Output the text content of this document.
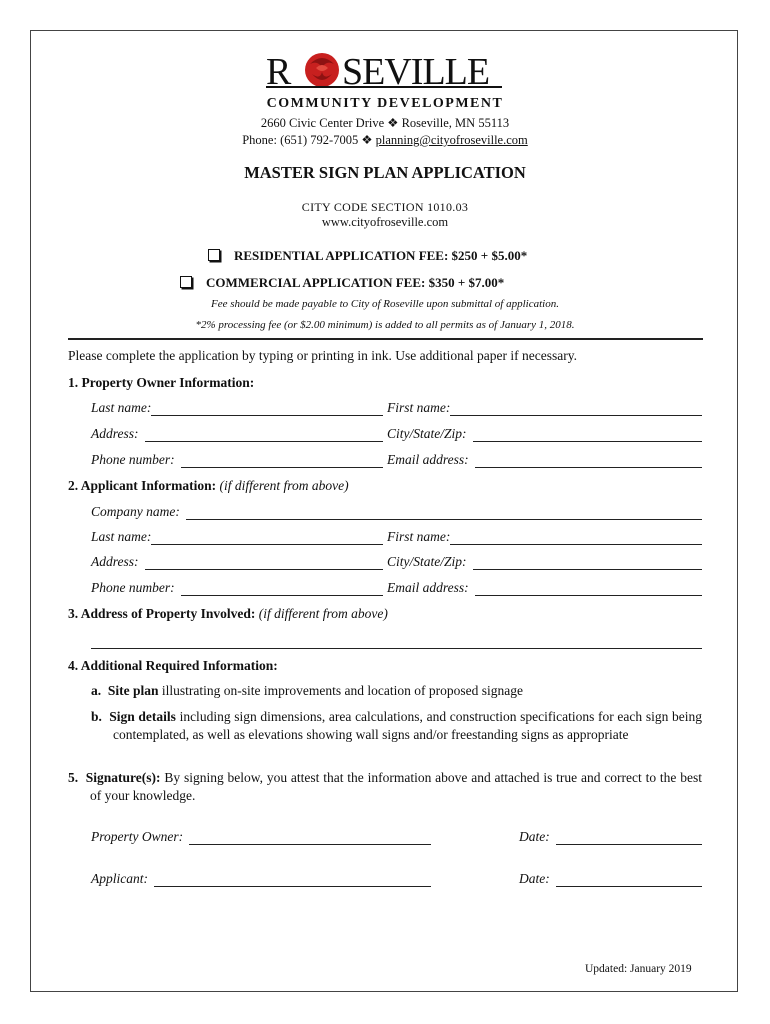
R SEVILLE
COMMUNITY DEVELOPMENT
2660 Civic Center Drive ❖ Roseville, MN 55113
Phone: (651) 792-7005 ❖ planning@cityofroseville.com
MASTER SIGN PLAN APPLICATION
CITY CODE SECTION 1010.03
www.cityofroseville.com
RESIDENTIAL APPLICATION FEE: $250 + $5.00*
COMMERCIAL APPLICATION FEE: $350 + $7.00*
Fee should be made payable to City of Roseville upon submittal of application.
*2% processing fee (or $2.00 minimum) is added to all permits as of January 1, 2018.
Please complete the application by typing or printing in ink. Use additional paper if necessary.
1. Property Owner Information:
Last name:	First name:
Address:	City/State/Zip:
Phone number:	Email address:
2. Applicant Information: (if different from above)
Company name:
Last name:	First name:
Address:	City/State/Zip:
Phone number:	Email address:
3. Address of Property Involved: (if different from above)
4. Additional Required Information:
a. Site plan illustrating on-site improvements and location of proposed signage
b. Sign details including sign dimensions, area calculations, and construction specifications for each sign being contemplated, as well as elevations showing wall signs and/or freestanding signs as appropriate
5. Signature(s): By signing below, you attest that the information above and attached is true and correct to the best of your knowledge.
Property Owner:	Date:
Applicant:	Date:
Updated: January 2019
